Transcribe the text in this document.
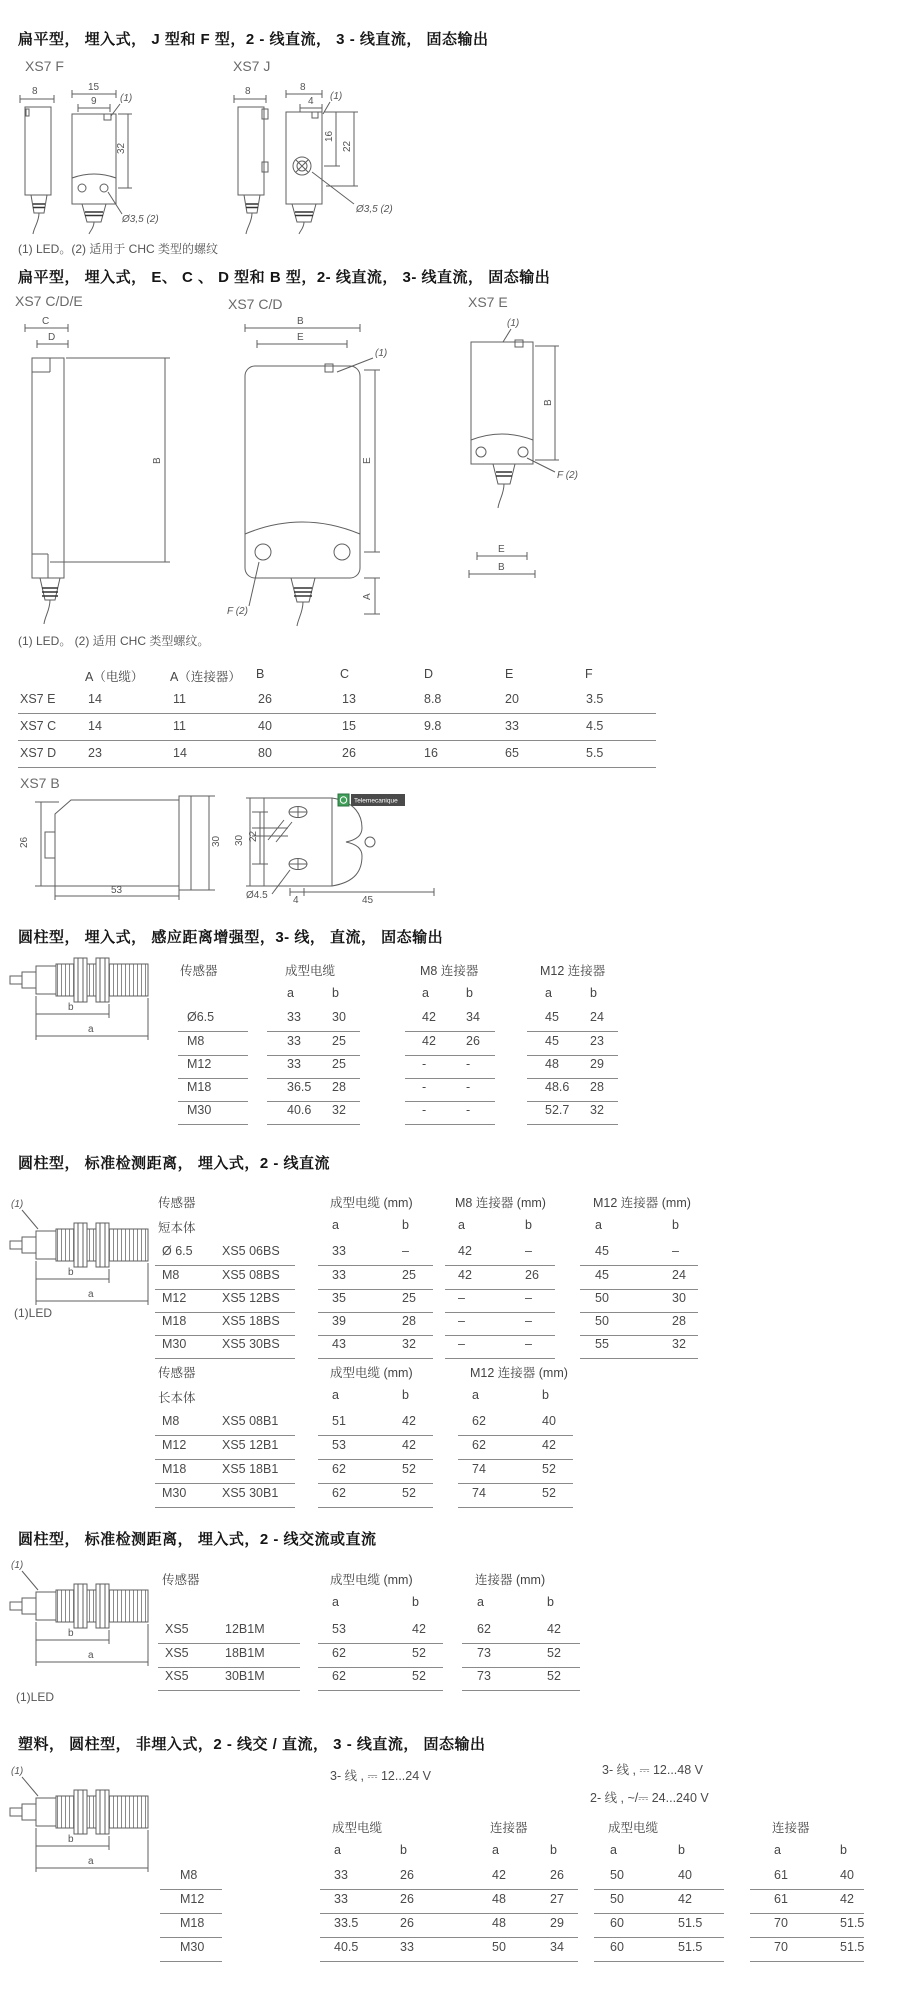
扁平型， 埋入式， J 型和 F 型，2 - 线直流， 3 - 线直流， 固态输出
XS7 F	XS7 J
8	15
9 (1)
32
Ø3,5 (2)
8	8
4 (1)
16
22
Ø3,5 (2)
(1) LED。(2) 适用于 CHC 类型的螺纹
扁平型， 埋入式， E、 C 、 D 型和 B 型，2- 线直流， 3- 线直流， 固态输出
XS7 C/D/E	XS7 C/D	XS7 E
C
D
B
B
E
(1)
E
A
F (2)
(1)
B
F (2)
E
B
(1) LED。 (2) 适用 CHC 类型螺纹。
A（电缆） A（连接器） B	C	D	E	F
XS7 E	14	11	26	13	8.8	20	3.5
XS7 C	14	11	40	15	9.8	33	4.5
XS7 D	23	14	80	26	16	65	5.5
XS7 B
26	30
53
Telemecanique
30 22
Ø4.5	4	45
圆柱型， 埋入式， 感应距离增强型，3- 线， 直流， 固态输出
b
a
传感器	成型电缆	M8 连接器	M12 连接器
a	b	a	b	a	b
Ø6.5	33 30	42 34	45 24
M8	33 25	42 26	45 23
M12	33 25	-	-	48 29
M18	36.5 28	-	-	48.6 28
M30	40.6 32	-	-	52.7 32
圆柱型， 标准检测距离， 埋入式，2 - 线直流
(1)
b
a
(1)LED
传感器	成型电缆 (mm)	M8 连接器 (mm)	M12 连接器 (mm)
短本体	a	b	a	b	a	b
Ø 6.5 XS5 06BS	33	–	42	–	45	–
M8	XS5 08BS	33	25	42	26	45	24
M12	XS5 12BS	35	25	–	–	50	30
M18	XS5 18BS	39	28	–	–	50	28
M30	XS5 30BS	43	32	–	–	55	32
传感器	成型电缆 (mm)	M12 连接器 (mm)
长本体	a	b	a	b
M8	XS5 08B1	51	42	62	40
M12	XS5 12B1	53	42	62	42
M18	XS5 18B1	62	52	74	52
M30	XS5 30B1	62	52	74	52
圆柱型， 标准检测距离， 埋入式，2 - 线交流或直流
(1)
b
a
传感器	成型电缆 (mm)	连接器 (mm)
a	b	a	b
XS5	12B1M	53	42	62	42
XS5	18B1M	62	52	73	52
XS5	30B1M	62	52	73	52
(1)LED
塑料， 圆柱型， 非埋入式，2 - 线交 / 直流， 3 - 线直流， 固态输出
3- 线 , ⎓ 12...24 V	3- 线 , ⎓ 12...48 V
2- 线 , ~/⎓ 24...240 V
(1)
b
a
成型电缆	连接器	成型电缆	连接器
a	b	a	b	a	b	a	b
M8	33	26	42	26	50	40	61	40
M12	33	26	48	27	50	42	61	42
M18	33.5	26	48	29	60	51.5	70	51.5
M30	40.5	33	50	34	60	51.5	70	51.5
